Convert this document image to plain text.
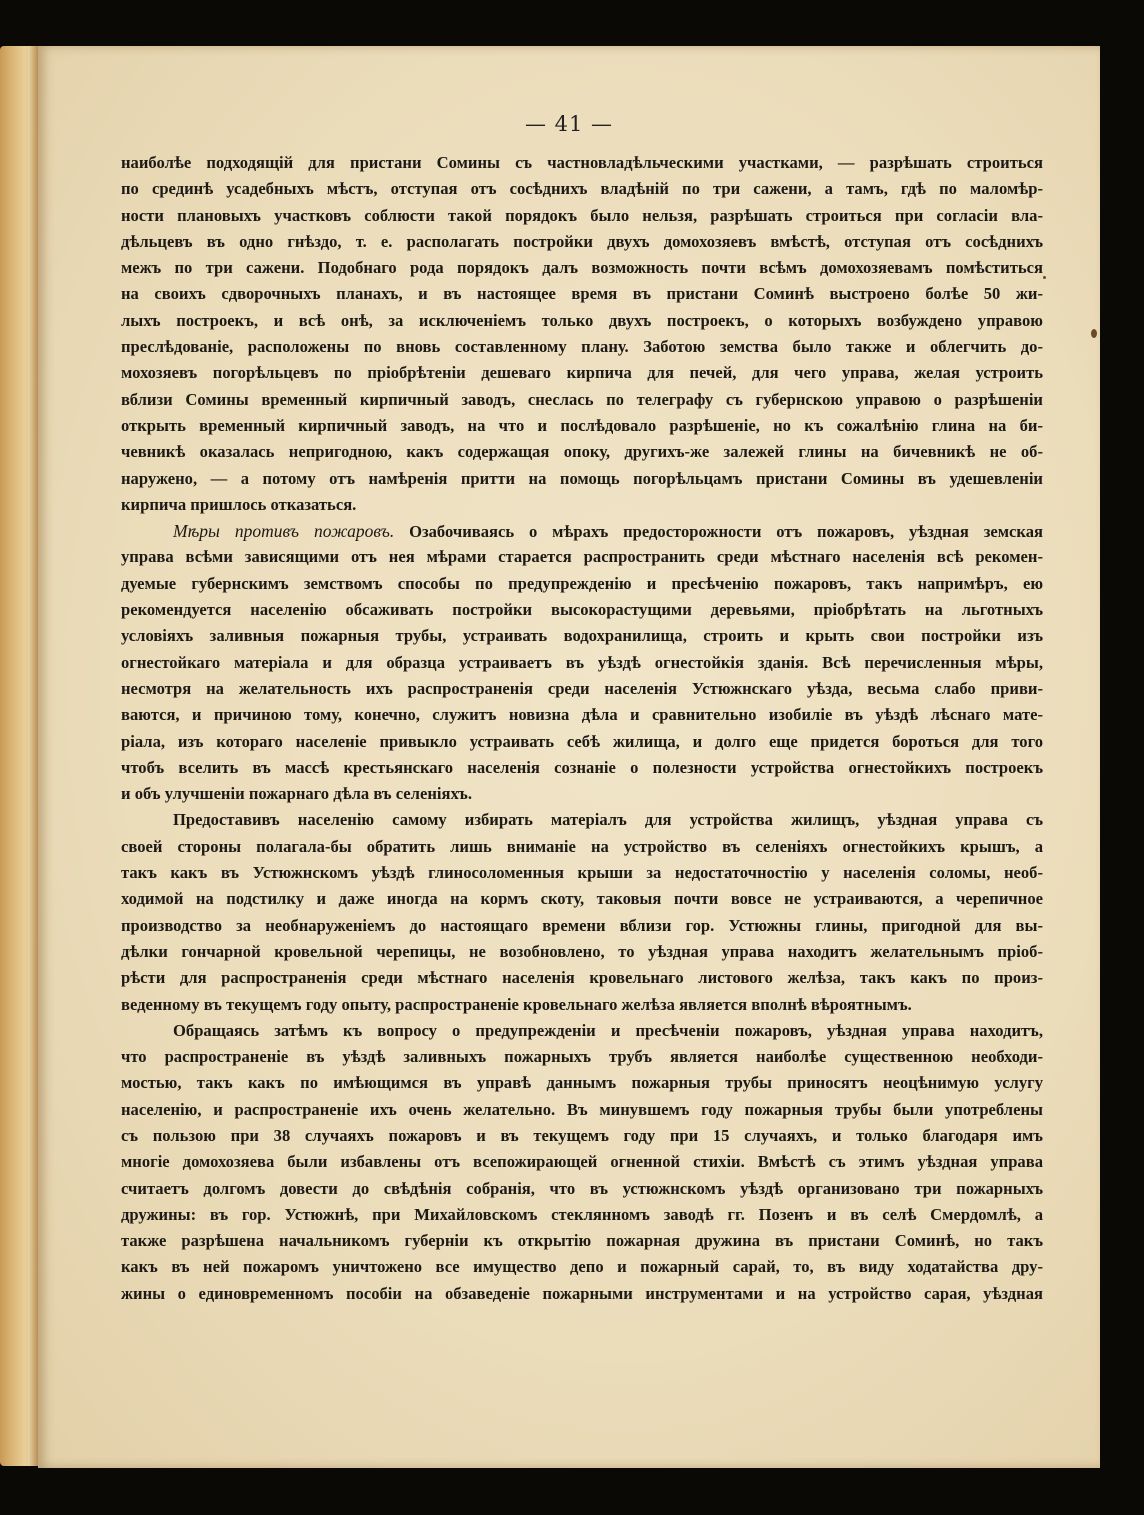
— 41 —
наиболѣе подходящій для пристани Сомины съ частновладѣльческими участками, — разрѣшать строиться
по срединѣ усадебныхъ мѣстъ, отступая отъ сосѣднихъ владѣній по три сажени, а тамъ, гдѣ по маломѣр-
ности плановыхъ участковъ соблюсти такой порядокъ было нельзя, разрѣшать строиться при согласіи вла-
дѣльцевъ въ одно гнѣздо, т. е. располагать постройки двухъ домохозяевъ вмѣстѣ, отступая отъ сосѣднихъ
межъ по три сажени. Подобнаго рода порядокъ далъ возможность почти всѣмъ домохозяевамъ помѣститься
на своихъ сдворочныхъ планахъ, и въ настоящее время въ пристани Соминѣ выстроено болѣе 50 жи-
лыхъ построекъ, и всѣ онѣ, за исключеніемъ только двухъ построекъ, о которыхъ возбуждено управою
преслѣдованіе, расположены по вновь составленному плану. Заботою земства было также и облегчить до-
мохозяевъ погорѣльцевъ по пріобрѣтеніи дешеваго кирпича для печей, для чего управа, желая устроить
вблизи Сомины временный кирпичный заводъ, снеслась по телеграфу съ губернскою управою о разрѣшеніи
открыть временный кирпичный заводъ, на что и послѣдовало разрѣшеніе, но къ сожалѣнію глина на би-
чевникѣ оказалась непригодною, какъ содержащая опоку, другихъ-же залежей глины на бичевникѣ не об-
наружено, — а потому отъ намѣренія притти на помощь погорѣльцамъ пристани Сомины въ удешевленіи
кирпича пришлось отказаться.
Мѣры противъ пожаровъ. Озабочиваясь о мѣрахъ предосторожности отъ пожаровъ, уѣздная земская
управа всѣми зависящими отъ нея мѣрами старается распространить среди мѣстнаго населенія всѣ рекомен-
дуемые губернскимъ земствомъ способы по предупрежденію и пресѣченію пожаровъ, такъ напримѣръ, ею
рекомендуется населенію обсаживать постройки высокорастущими деревьями, пріобрѣтать на льготныхъ
условіяхъ заливныя пожарныя трубы, устраивать водохранилища, строить и крыть свои постройки изъ
огнестойкаго матеріала и для образца устраиваетъ въ уѣздѣ огнестойкія зданія. Всѣ перечисленныя мѣры,
несмотря на желательность ихъ распространенія среди населенія Устюжнскаго уѣзда, весьма слабо приви-
ваются, и причиною тому, конечно, служитъ новизна дѣла и сравнительно изобиліе въ уѣздѣ лѣснаго мате-
ріала, изъ котораго населеніе привыкло устраивать себѣ жилища, и долго еще придется бороться для того
чтобъ вселить въ массѣ крестьянскаго населенія сознаніе о полезности устройства огнестойкихъ построекъ
и объ улучшеніи пожарнаго дѣла въ селеніяхъ.
Предоставивъ населенію самому избирать матеріалъ для устройства жилищъ, уѣздная управа съ
своей стороны полагала-бы обратить лишь вниманіе на устройство въ селеніяхъ огнестойкихъ крышъ, а
такъ какъ въ Устюжнскомъ уѣздѣ глиносоломенныя крыши за недостаточностію у населенія соломы, необ-
ходимой на подстилку и даже иногда на кормъ скоту, таковыя почти вовсе не устраиваются, а черепичное
производство за необнаруженіемъ до настоящаго времени вблизи гор. Устюжны глины, пригодной для вы-
дѣлки гончарной кровельной черепицы, не возобновлено, то уѣздная управа находитъ желательнымъ пріоб-
рѣсти для распространенія среди мѣстнаго населенія кровельнаго листового желѣза, такъ какъ по произ-
веденному въ текущемъ году опыту, распространеніе кровельнаго желѣза является вполнѣ вѣроятнымъ.
Обращаясь затѣмъ къ вопросу о предупрежденіи и пресѣченіи пожаровъ, уѣздная управа находитъ,
что распространеніе въ уѣздѣ заливныхъ пожарныхъ трубъ является наиболѣе существенною необходи-
мостью, такъ какъ по имѣющимся въ управѣ даннымъ пожарныя трубы приносятъ неоцѣнимую услугу
населенію, и распространеніе ихъ очень желательно. Въ минувшемъ году пожарныя трубы были употреблены
съ пользою при 38 случаяхъ пожаровъ и въ текущемъ году при 15 случаяхъ, и только благодаря имъ
многіе домохозяева были избавлены отъ всепожирающей огненной стихіи. Вмѣстѣ съ этимъ уѣздная управа
считаетъ долгомъ довести до свѣдѣнія собранія, что въ устюжнскомъ уѣздѣ организовано три пожарныхъ
дружины: въ гор. Устюжнѣ, при Михайловскомъ стеклянномъ заводѣ гг. Позенъ и въ селѣ Смердомлѣ, а
также разрѣшена начальникомъ губерніи къ открытію пожарная дружина въ пристани Соминѣ, но такъ
какъ въ ней пожаромъ уничтожено все имущество депо и пожарный сарай, то, въ виду ходатайства дру-
жины о единовременномъ пособіи на обзаведеніе пожарными инструментами и на устройство сарая, уѣздная
